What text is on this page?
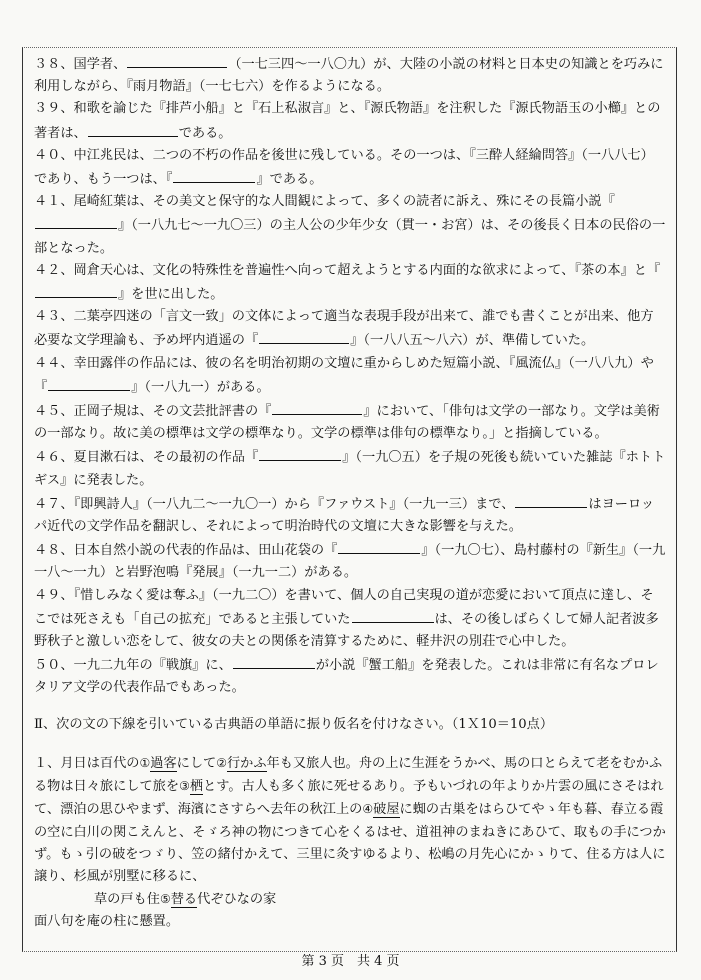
３８、国学者、	（一七三四～一八〇九）が、大陸の小説の材料と日本史の知識とを巧みに利用しながら、『雨月物語』（一七七六）を作るようになる。

３９、和歌を論じた『排芦小船』と『石上私淑言』と、『源氏物語』を注釈した『源氏物語玉の小櫛』との著者は、	である。

４０、中江兆民は、二つの不朽の作品を後世に残している。その一つは、『三酔人経綸問答』（一八八七）であり、もう一つは、『	』である。

４１、尾崎紅葉は、その美文と保守的な人間観によって、多くの読者に訴え、殊にその長篇小説『』（一八九七～一九〇三）の主人公の少年少女（貫一・お宮）は、その後長く日本の民俗の一部となった。

４２、岡倉天心は、文化の特殊性を普遍性へ向って超えようとする内面的な欲求によって、『茶の本』と『』を世に出した。

４３、二葉亭四迷の「言文一致」の文体によって適当な表現手段が出来て、誰でも書くことが出来、他方必要な文学理論も、予め坪内逍遥の『	』（一八八五～八六）が、準備していた。

４４、幸田露伴の作品には、彼の名を明治初期の文壇に重からしめた短篇小説、『風流仏』（一八八九）や『	』（一八九一）がある。

４５、正岡子規は、その文芸批評書の『	』において、「俳句は文学の一部なり。文学は美術の一部なり。故に美の標準は文学の標準なり。文学の標準は俳句の標準なり。」と指摘している。

４６、夏目漱石は、その最初の作品『	』（一九〇五）を子規の死後も続いていた雑誌『ホトトギス』に発表した。

４７、『即興詩人』（一八九二～一九〇一）から『ファウスト』（一九一三）まで、	はヨーロッパ近代の文学作品を翻訳し、それによって明治時代の文壇に大きな影響を与えた。

４８、日本自然小説の代表的作品は、田山花袋の『	』（一九〇七）、島村藤村の『新生』（一九一八～一九）と岩野泡鳴『発展』（一九一二）がある。

４９、『惜しみなく愛は奪ふ』（一九二〇）を書いて、個人の自己実現の道が恋愛において頂点に達し、そこでは死さえも「自己の拡充」であると主張していた	は、その後しばらくして婦人記者波多野秋子と激しい恋をして、彼女の夫との関係を清算するために、軽井沢の別荘で心中した。

５０、一九二九年の『戦旗』に、	が小説『蟹工船』を発表した。これは非常に有名なプロレタリア文学の代表作品でもあった。

Ⅱ、次の文の下線を引いている古典語の単語に振り仮名を付けなさい。（1Ｘ10＝10点）

１、月日は百代の①過客にして②行かふ年も又旅人也。舟の上に生涯をうかべ、馬の口とらえて老をむかふる物は日々旅にして旅を③栖とす。古人も多く旅に死せるあり。予もいづれの年よりか片雲の風にさそはれて、漂泊の思ひやまず、海濱にさすらへ去年の秋江上の④破屋に蜘の古巣をはらひてやゝ年も暮、春立る霞の空に白川の関こえんと、そゞろ神の物につきて心をくるはせ、道祖神のまねきにあひて、取もの手につかず。もゝ引の破をつゞり、笠の緒付かえて、三里に灸すゆるより、松嶋の月先心にかゝりて、住る方は人に譲り、杉風が別墅に移るに、

草の戸も住⑤替る代ぞひなの家

面八句を庵の柱に懸置。

第 3 页　共 4 页
